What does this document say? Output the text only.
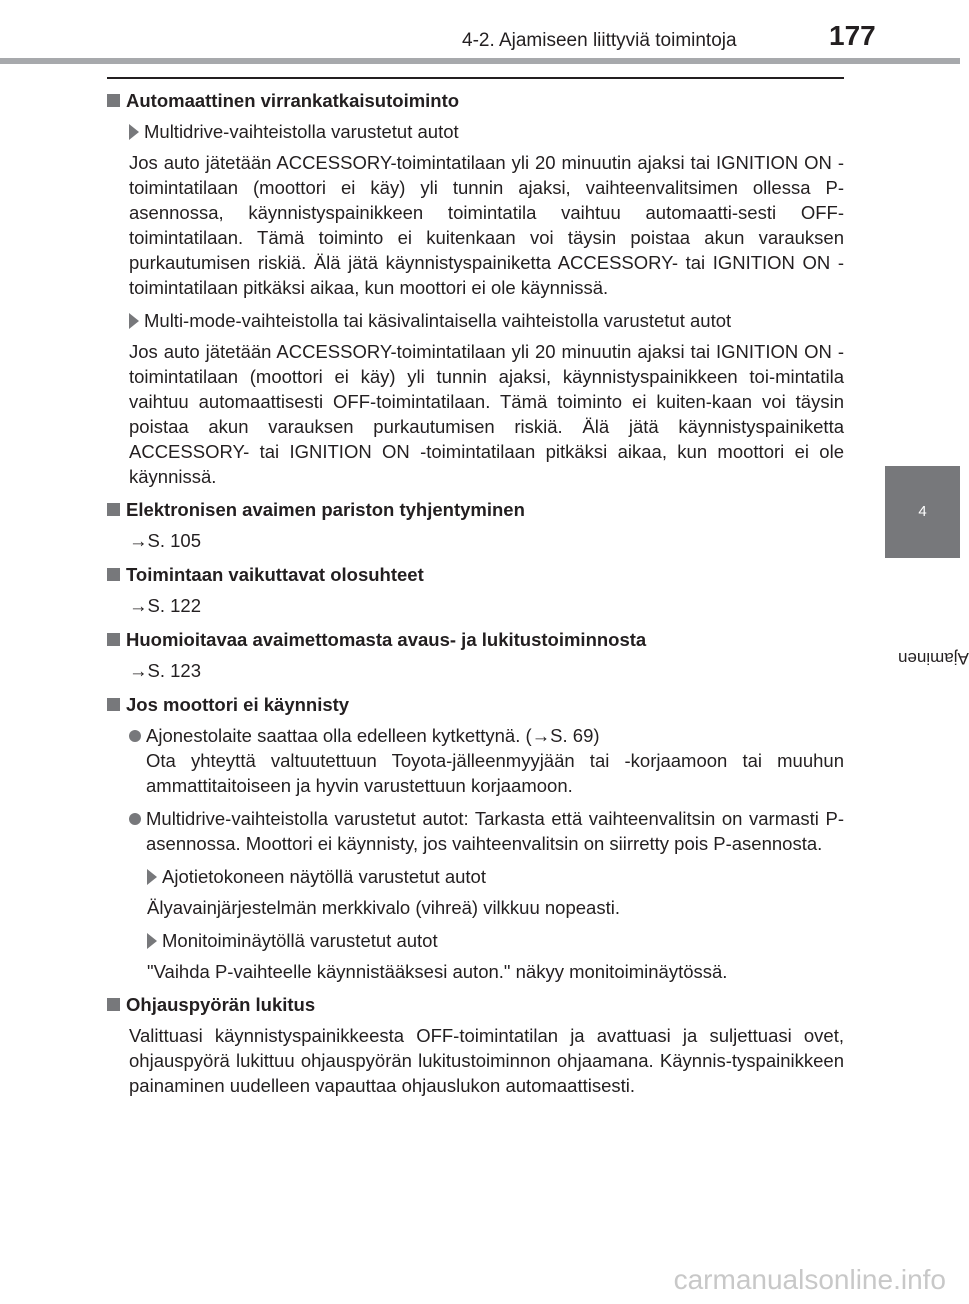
4-2. Ajamiseen liittyviä toimintoja	177
4
Ajaminen
Automaattinen virrankatkaisutoiminto
Multidrive-vaihteistolla varustetut autot

Jos auto jätetään ACCESSORY-toimintatilaan yli 20 minuutin ajaksi tai IGNITION ON -toimintatilaan (moottori ei käy) yli tunnin ajaksi, vaihteenvalitsimen ollessa P-asennossa, käynnistyspainikkeen toimintatila vaihtuu automaatti-sesti OFF-toimintatilaan. Tämä toiminto ei kuitenkaan voi täysin poistaa akun varauksen purkautumisen riskiä. Älä jätä käynnistyspainiketta ACCESSORY- tai IGNITION ON -toimintatilaan pitkäksi aikaa, kun moottori ei ole käynnissä.

Multi-mode-vaihteistolla tai käsivalintaisella vaihteistolla varustetut autot

Jos auto jätetään ACCESSORY-toimintatilaan yli 20 minuutin ajaksi tai IGNITION ON -toimintatilaan (moottori ei käy) yli tunnin ajaksi, käynnistyspainikkeen toi-mintatila vaihtuu automaattisesti OFF-toimintatilaan. Tämä toiminto ei kuiten-kaan voi täysin poistaa akun varauksen purkautumisen riskiä. Älä jätä käynnistyspainiketta ACCESSORY- tai IGNITION ON -toimintatilaan pitkäksi aikaa, kun moottori ei ole käynnissä.

Elektronisen avaimen pariston tyhjentyminen
→S. 105
Toimintaan vaikuttavat olosuhteet
→S. 122
Huomioitavaa avaimettomasta avaus- ja lukitustoiminnosta
→S. 123
Jos moottori ei käynnisty
Ajonestolaite saattaa olla edelleen kytkettynä. (→S. 69)
Ota yhteyttä valtuutettuun Toyota-jälleenmyyjään tai -korjaamoon tai muuhun ammattitaitoiseen ja hyvin varustettuun korjaamoon.
Multidrive-vaihteistolla varustetut autot: Tarkasta että vaihteenvalitsin on varmasti P-asennossa. Moottori ei käynnisty, jos vaihteenvalitsin on siirretty pois P-asennosta.
Ajotietokoneen näytöllä varustetut autot

Älyavainjärjestelmän merkkivalo (vihreä) vilkkuu nopeasti.

Monitoiminäytöllä varustetut autot

"Vaihda P-vaihteelle käynnistääksesi auton." näkyy monitoiminäytössä.

Ohjauspyörän lukitus

Valittuasi käynnistyspainikkeesta OFF-toimintatilan ja avattuasi ja suljettuasi ovet, ohjauspyörä lukittuu ohjauspyörän lukitustoiminnon ohjaamana. Käynnis-tyspainikkeen painaminen uudelleen vapauttaa ohjauslukon automaattisesti.

carmanualsonline.info
